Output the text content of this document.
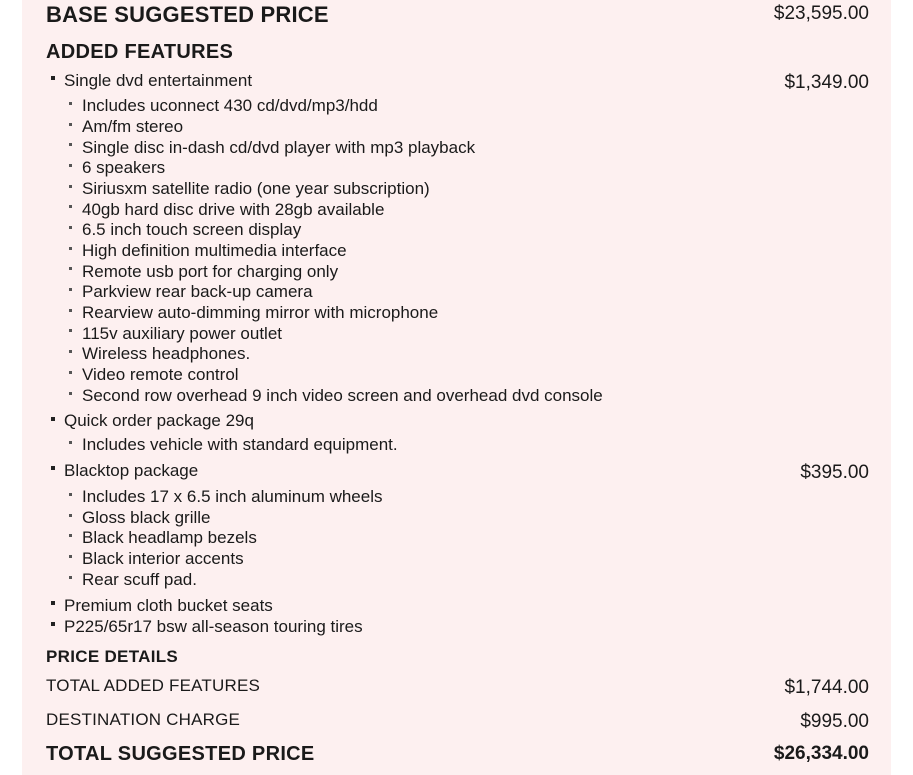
BASE SUGGESTED PRICE	$23,595.00
ADDED FEATURES
Single dvd entertainment	$1,349.00
Includes uconnect 430 cd/dvd/mp3/hdd
Am/fm stereo
Single disc in-dash cd/dvd player with mp3 playback
6 speakers
Siriusxm satellite radio (one year subscription)
40gb hard disc drive with 28gb available
6.5 inch touch screen display
High definition multimedia interface
Remote usb port for charging only
Parkview rear back-up camera
Rearview auto-dimming mirror with microphone
115v auxiliary power outlet
Wireless headphones.
Video remote control
Second row overhead 9 inch video screen and overhead dvd console
Quick order package 29q
Includes vehicle with standard equipment.
Blacktop package	$395.00
Includes 17 x 6.5 inch aluminum wheels
Gloss black grille
Black headlamp bezels
Black interior accents
Rear scuff pad.
Premium cloth bucket seats
P225/65r17 bsw all-season touring tires
PRICE DETAILS
TOTAL ADDED FEATURES	$1,744.00
DESTINATION CHARGE	$995.00
TOTAL SUGGESTED PRICE	$26,334.00
